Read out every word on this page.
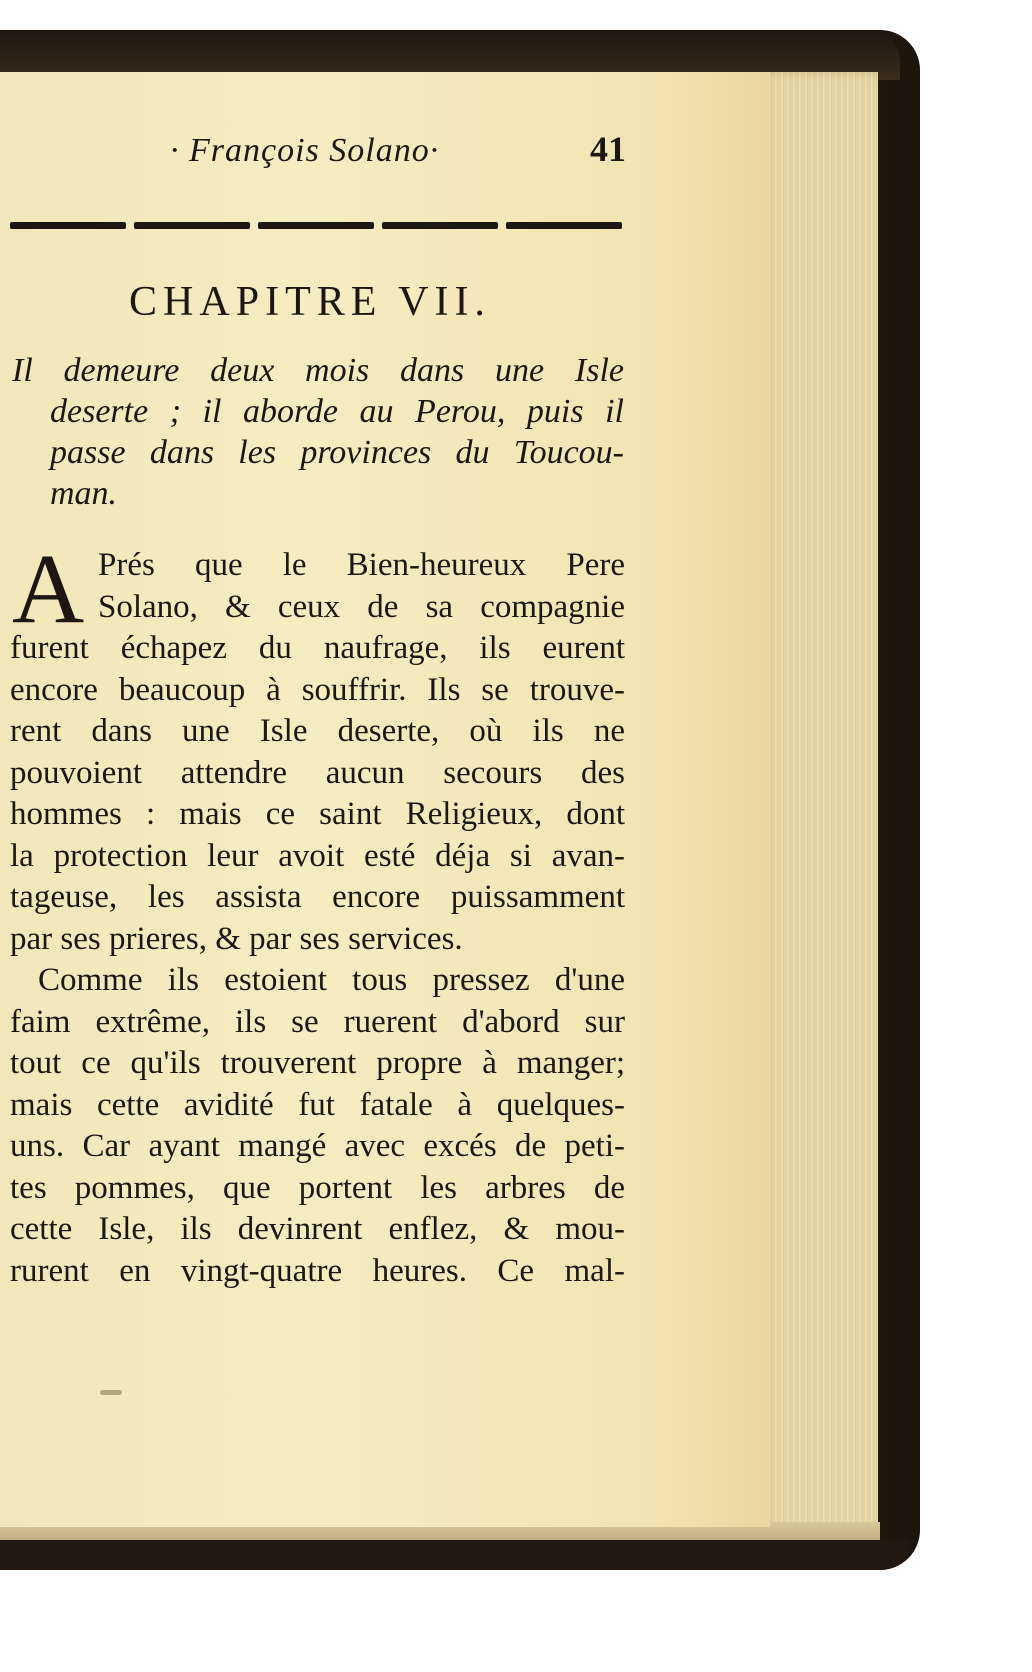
· François Solano·	41
CHAPITRE VII.
Il demeure deux mois dans une Isle
deserte ; il aborde au Perou, puis il
passe dans les provinces du Toucou-
man.
A Prés que le Bien-heureux Pere
Solano, & ceux de sa compagnie
furent échapez du naufrage, ils eurent
encore beaucoup à souffrir. Ils se trouve-
rent dans une Isle deserte, où ils ne
pouvoient attendre aucun secours des
hommes : mais ce saint Religieux, dont
la protection leur avoit esté déja si avan-
tageuse, les assista encore puissamment
par ses prieres, & par ses services.
Comme ils estoient tous pressez d'une
faim extrême, ils se ruerent d'abord sur
tout ce qu'ils trouverent propre à manger;
mais cette avidité fut fatale à quelques-
uns. Car ayant mangé avec excés de peti-
tes pommes, que portent les arbres de
cette Isle, ils devinrent enflez, & mou-
rurent en vingt-quatre heures. Ce mal-
